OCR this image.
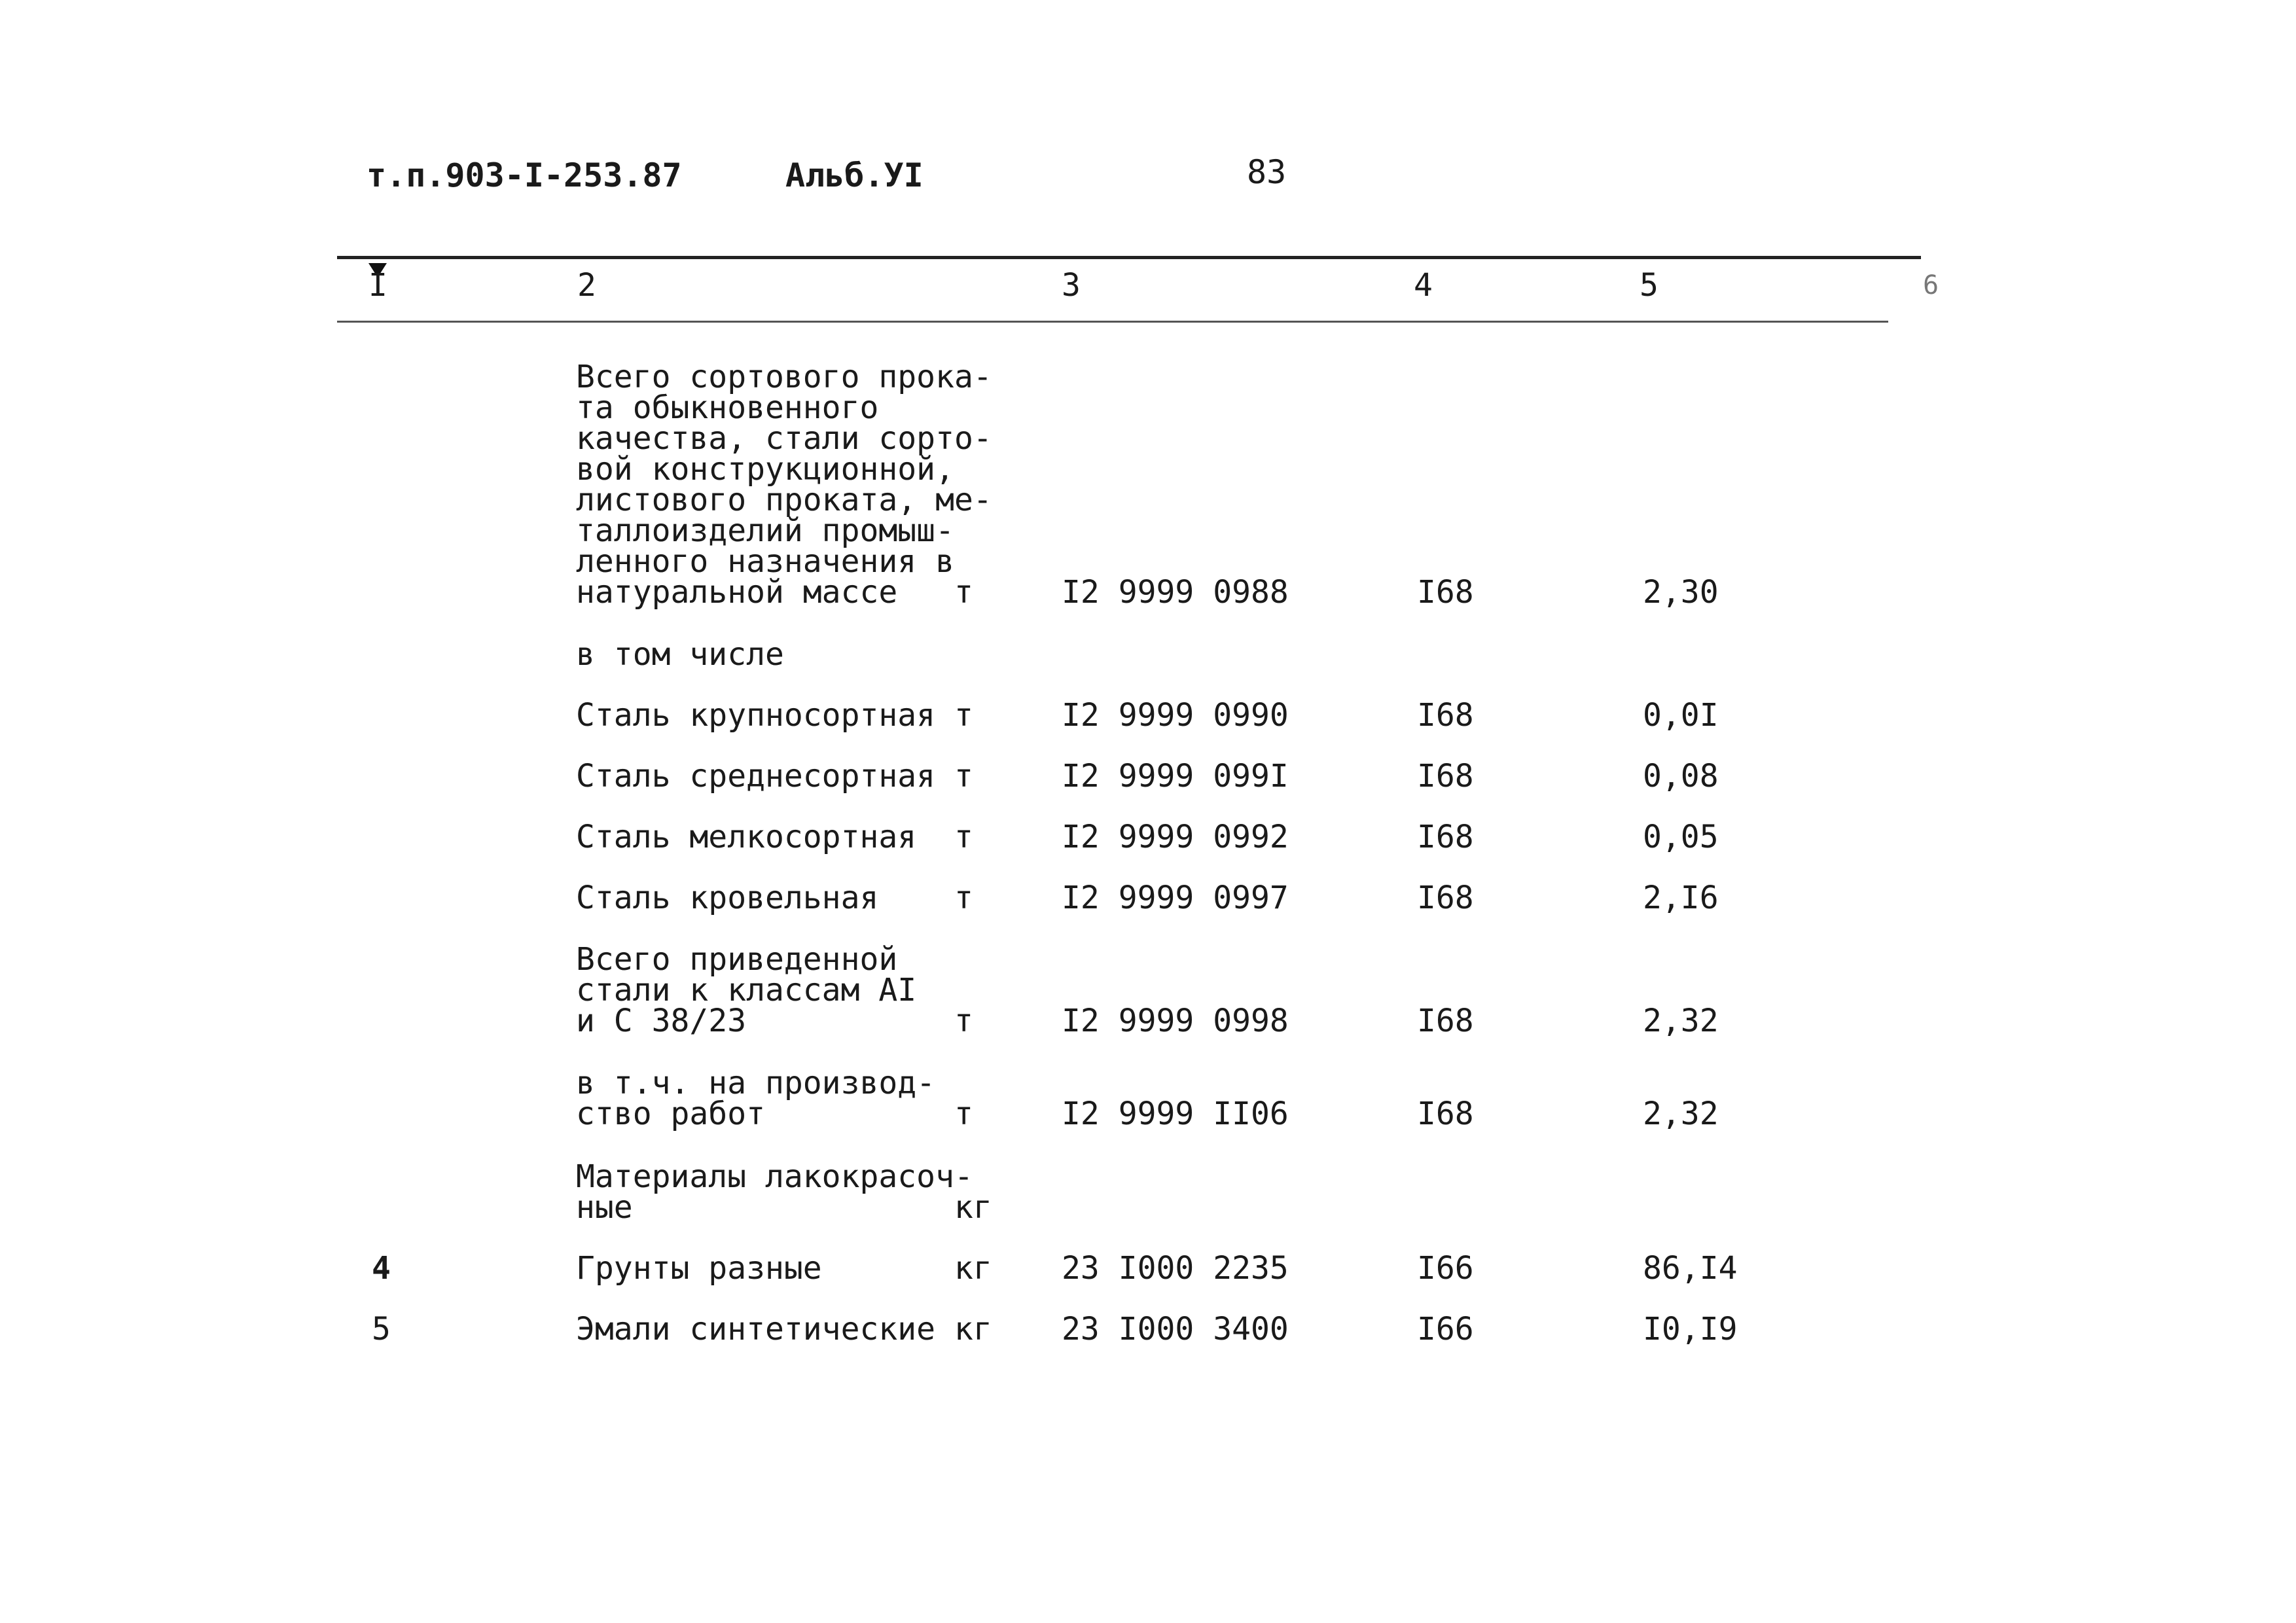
т.п.903-I-253.87	Альб.УI	83
I	2	3	4	5	6
Всего сортового прока-
та обыкновенного
качества, стали сорто-
вой конструкционной,
листового проката, ме-
таллоизделий промыш-
ленного назначения в
натуральной массе т	I2 9999 0988	I68	2,30
в том числе
Сталь крупносортная т	I2 9999 0990	I68	0,0I
Сталь среднесортная т	I2 9999 099I	I68	0,08
Сталь мелкосортная т	I2 9999 0992	I68	0,05
Сталь кровельная т	I2 9999 0997	I68	2,I6
Всего приведенной
стали к классам AI
и С 38/23	т	I2 9999 0998	I68	2,32
в т.ч. на производ-
ство работ	т	I2 9999 II06	I68	2,32
Материалы лакокрасоч-
ные	кг
4	Грунты разные	кг 23 I000 2235	I66	86,I4
5	Эмали синтетические кг 23 I000 3400	I66	I0,I9
